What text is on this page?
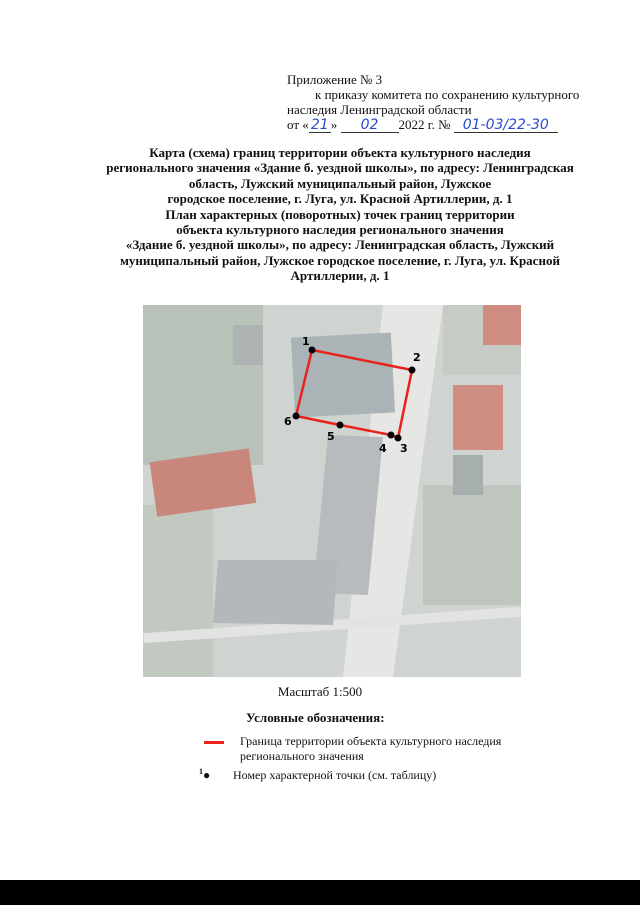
Приложение № 3
к приказу комитета по сохранению культурного
наследия Ленинградской области
от « 21 » 02 2022 г. № 01-03/22-30
Карта (схема) границ территории объекта культурного наследия
регионального значения «Здание б. уездной школы», по адресу: Ленинградская
область, Лужский муниципальный район, Лужское
городское поселение, г. Луга, ул. Красной Артиллерии, д. 1
План характерных (поворотных) точек границ территории
объекта культурного наследия регионального значения
«Здание б. уездной школы», по адресу: Ленинградская область, Лужский
муниципальный район, Лужское городское поселение, г. Луга, ул. Красной
Артиллерии, д. 1
1
2
3
4
5
6
Масштаб 1:500
Условные обозначения:
Граница территории объекта культурного наследия
регионального значения
$^1$● Номер характерной точки (см. таблицу)
